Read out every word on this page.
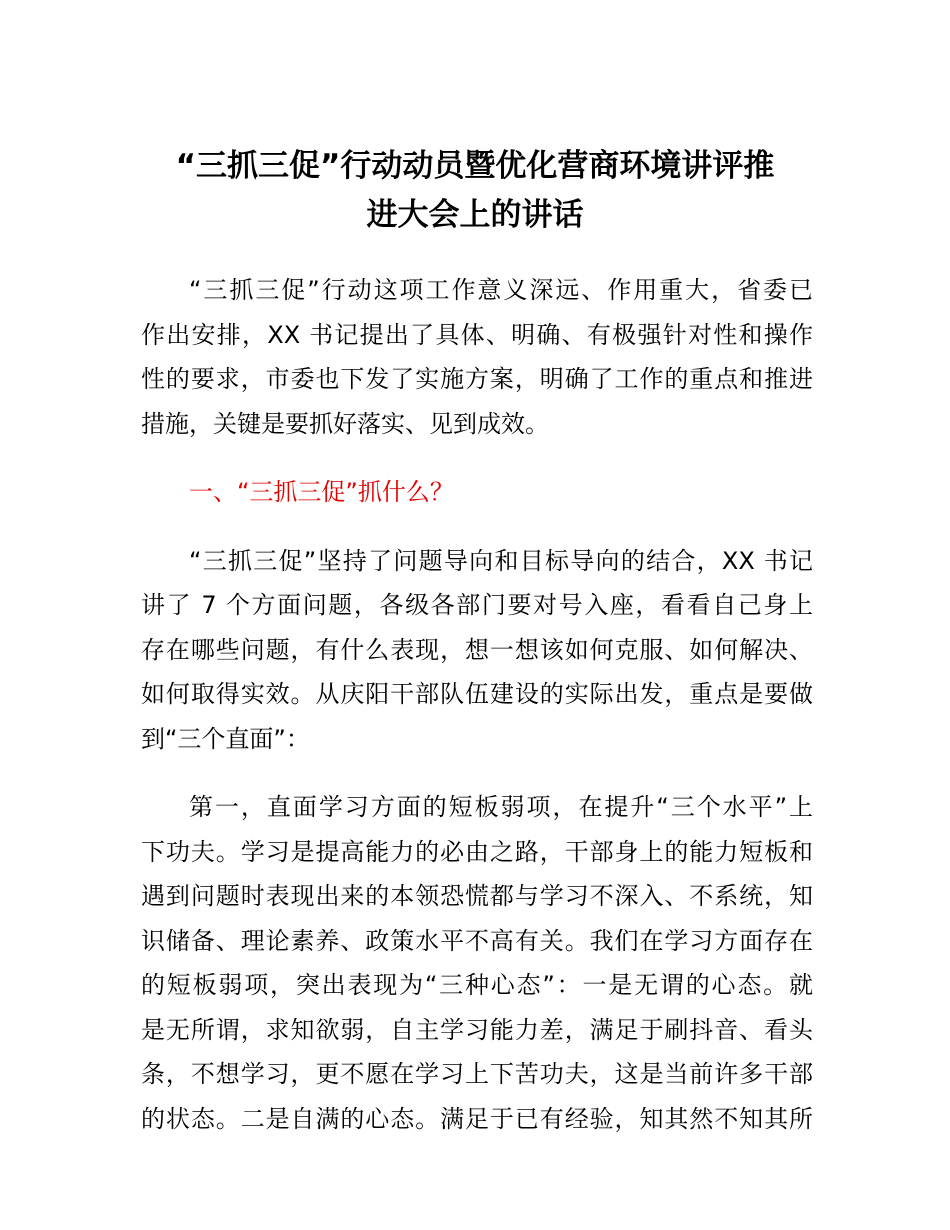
“三抓三促”行动动员暨优化营商环境讲评推
进大会上的讲话

“三抓三促”行动这项工作意义深远、作用重大，省委已
作出安排，XX 书记提出了具体、明确、有极强针对性和操作
性的要求，市委也下发了实施方案，明确了工作的重点和推进
措施，关键是要抓好落实、见到成效。

一、“三抓三促”抓什么？

“三抓三促”坚持了问题导向和目标导向的结合，XX 书记
讲了 7 个方面问题，各级各部门要对号入座，看看自己身上
存在哪些问题，有什么表现，想一想该如何克服、如何解决、
如何取得实效。从庆阳干部队伍建设的实际出发，重点是要做
到“三个直面”：

第一，直面学习方面的短板弱项，在提升“三个水平”上
下功夫。学习是提高能力的必由之路，干部身上的能力短板和
遇到问题时表现出来的本领恐慌都与学习不深入、不系统，知
识储备、理论素养、政策水平不高有关。我们在学习方面存在
的短板弱项，突出表现为“三种心态”：一是无谓的心态。就
是无所谓，求知欲弱，自主学习能力差，满足于刷抖音、看头
条，不想学习，更不愿在学习上下苦功夫，这是当前许多干部
的状态。二是自满的心态。满足于已有经验，知其然不知其所
